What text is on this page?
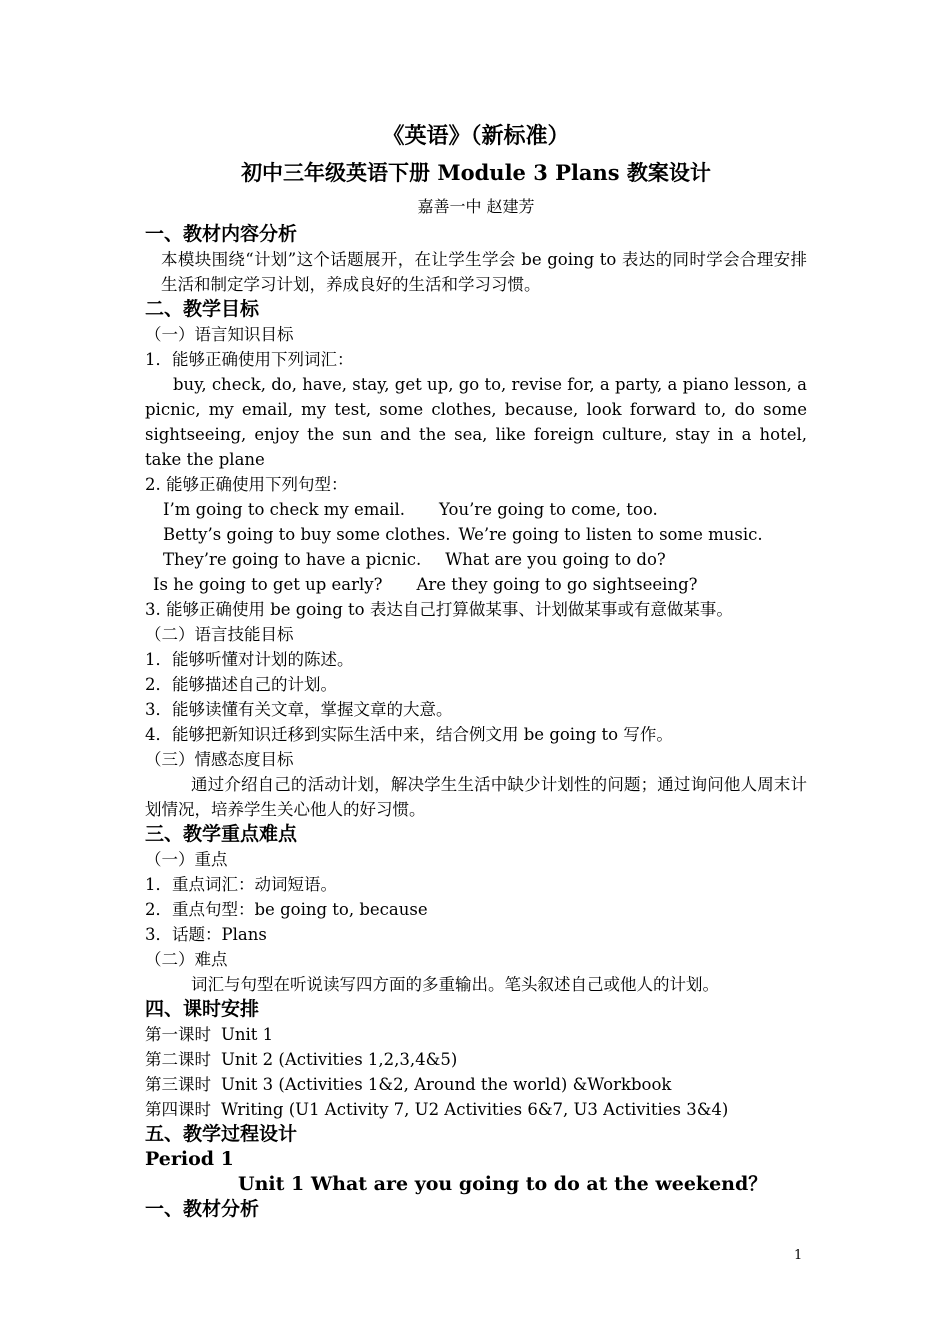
《英语》（新标准）
初中三年级英语下册 Module 3 Plans 教案设计
嘉善一中 赵建芳
一、教材内容分析
本模块围绕“计划”这个话题展开，在让学生学会 be going to 表达的同时学会合理安排生活和制定学习计划，养成良好的生活和学习习惯。
二、教学目标
（一）语言知识目标
1．能够正确使用下列词汇：
buy, check, do, have, stay, get up, go to, revise for, a party, a piano lesson, a picnic, my email, my test, some clothes, because, look forward to, do some sightseeing, enjoy the sun and the sea, like foreign culture, stay in a hotel, take the plane
2. 能够正确使用下列句型：
I’m going to check my email. You’re going to come, too.
Betty’s going to buy some clothes. We’re going to listen to some music.
They’re going to have a picnic. What are you going to do?
Is he going to get up early? Are they going to go sightseeing?
3. 能够正确使用 be going to 表达自己打算做某事、计划做某事或有意做某事。
（二）语言技能目标
1．能够听懂对计划的陈述。
2．能够描述自己的计划。
3．能够读懂有关文章，掌握文章的大意。
4．能够把新知识迁移到实际生活中来，结合例文用 be going to 写作。
（三）情感态度目标
通过介绍自己的活动计划，解决学生生活中缺少计划性的问题；通过询问他人周末计划情况，培养学生关心他人的好习惯。
三、教学重点难点
（一）重点
1．重点词汇：动词短语。
2．重点句型：be going to, because
3．话题：Plans
（二）难点
词汇与句型在听说读写四方面的多重输出。笔头叙述自己或他人的计划。
四、课时安排
第一课时 Unit 1
第二课时 Unit 2 (Activities 1,2,3,4&5)
第三课时 Unit 3 (Activities 1&2, Around the world) &Workbook
第四课时 Writing (U1 Activity 7, U2 Activities 6&7, U3 Activities 3&4)
五、教学过程设计
Period 1
Unit 1 What are you going to do at the weekend？
一、教材分析
1
